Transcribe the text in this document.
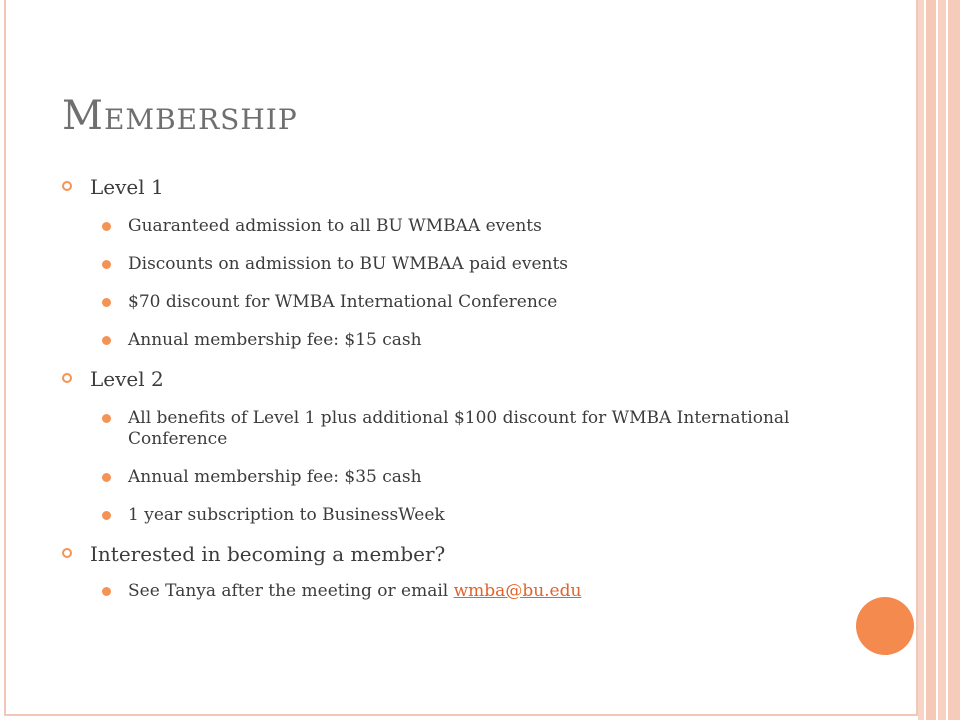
Membership
Level 1
Guaranteed admission to all BU WMBAA events
Discounts on admission to BU WMBAA paid events
$70 discount for WMBA International Conference
Annual membership fee: $15 cash
Level 2
All benefits of Level 1 plus additional $100 discount for WMBA International Conference
Annual membership fee: $35 cash
1 year subscription to BusinessWeek
Interested in becoming a member?
See Tanya after the meeting or email wmba@bu.edu
